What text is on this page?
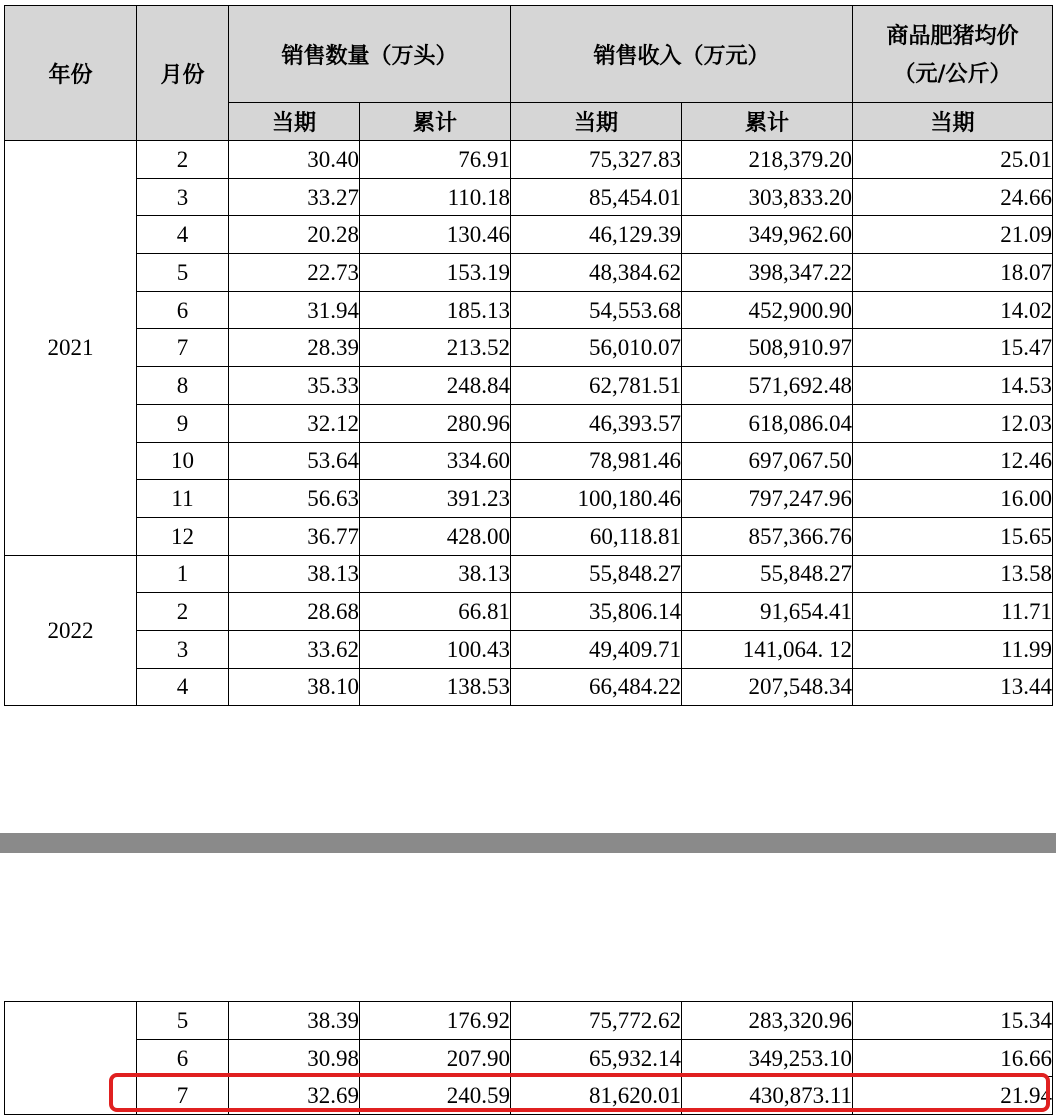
年份	月份	销售数量（万头）		销售收入（万元）		商品肥猪均价
（元/公斤）

		当期	累计	当期	累计	当期
2021	2	30.40	76.91	75,327.83	218,379.20	25.01
	3	33.27	110.18	85,454.01	303,833.20	24.66
	4	20.28	130.46	46,129.39	349,962.60	21.09
	5	22.73	153.19	48,384.62	398,347.22	18.07
	6	31.94	185.13	54,553.68	452,900.90	14.02
	7	28.39	213.52	56,010.07	508,910.97	15.47
	8	35.33	248.84	62,781.51	571,692.48	14.53
	9	32.12	280.96	46,393.57	618,086.04	12.03
	10	53.64	334.60	78,981.46	697,067.50	12.46
	11	56.63	391.23	100,180.46	797,247.96	16.00
	12	36.77	428.00	60,118.81	857,366.76	15.65
2022	1	38.13	38.13	55,848.27	55,848.27	13.58
	2	28.68	66.81	35,806.14	91,654.41	11.71
	3	33.62	100.43	49,409.71	141,064. 12	11.99
	4	38.10	138.53	66,484.22	207,548.34	13.44
	5	38.39	176.92	75,772.62	283,320.96	15.34
	6	30.98	207.90	65,932.14	349,253.10	16.66
	7	32.69	240.59	81,620.01	430,873.11	21.94
